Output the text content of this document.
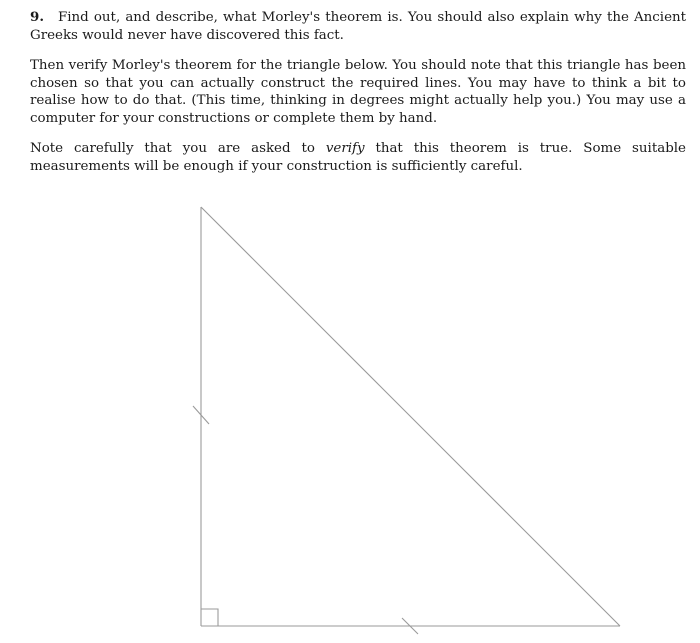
9. Find out, and describe, what Morley's theorem is. You should also explain why the Ancient Greeks would never have discovered this fact.

Then verify Morley's theorem for the triangle below. You should note that this triangle has been chosen so that you can actually construct the required lines. You may have to think a bit to realise how to do that. (This time, thinking in degrees might actually help you.) You may use a computer for your constructions or complete them by hand.

Note carefully that you are asked to verify that this theorem is true. Some suitable measurements will be enough if your construction is sufficiently careful.
